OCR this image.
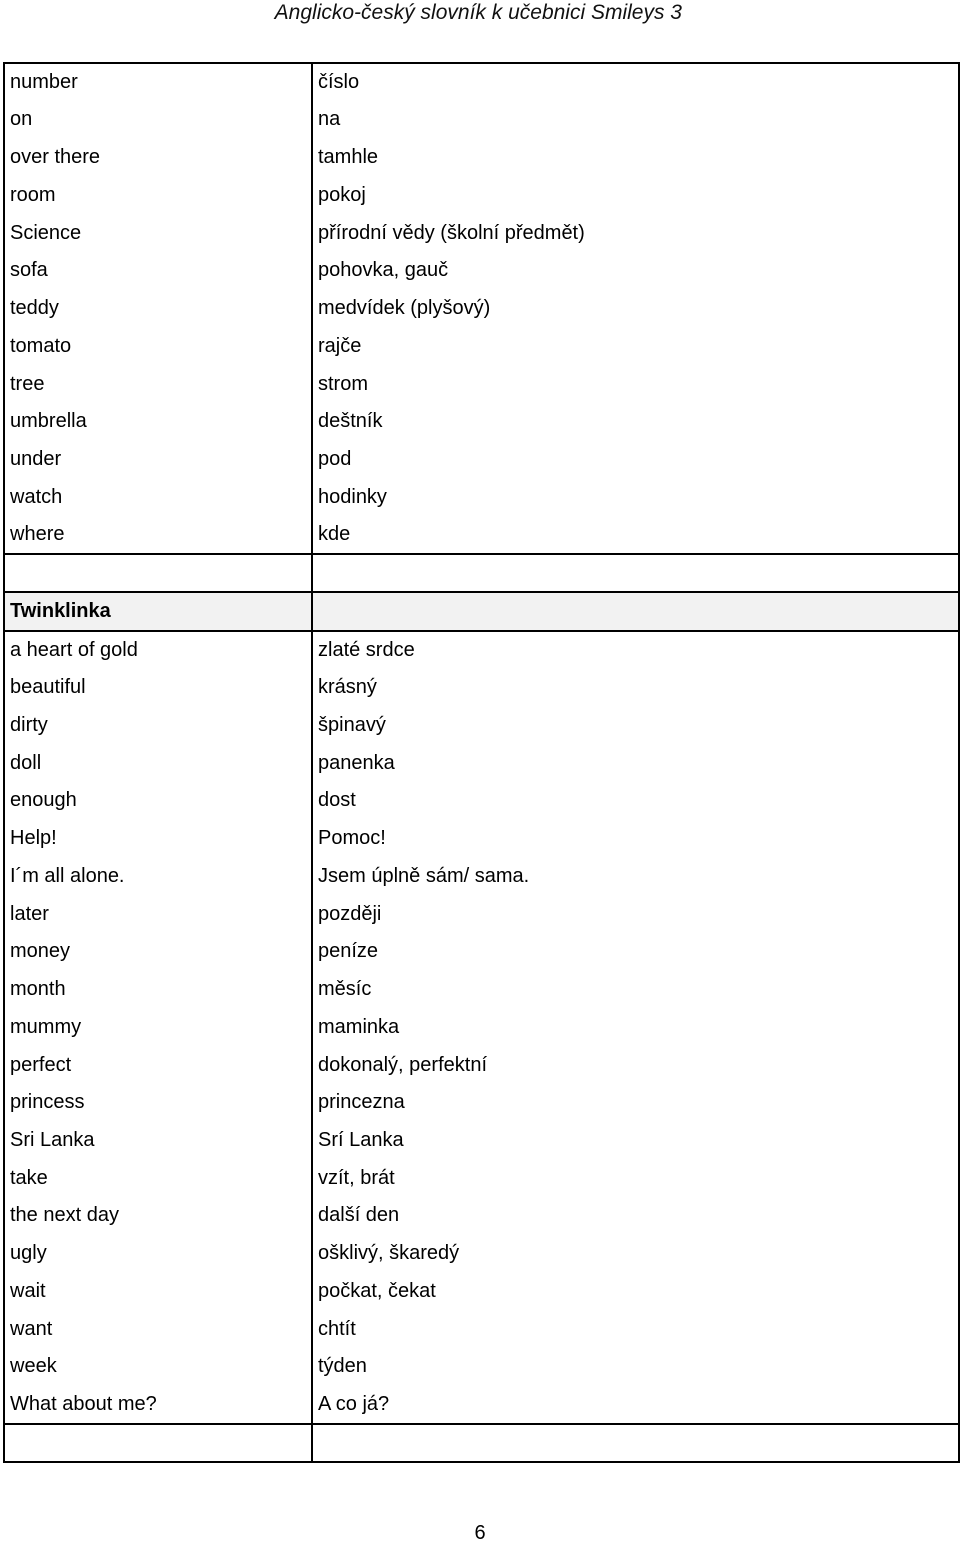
Anglicko-český slovník k učebnici Smileys 3
number	číslo
on	na
over there	tamhle
room	pokoj
Science	přírodní vědy (školní předmět)
sofa	pohovka, gauč
teddy	medvídek (plyšový)
tomato	rajče
tree	strom
umbrella	deštník
under	pod
watch	hodinky
where	kde

Twinklinka	
a heart of gold	zlaté srdce
beautiful	krásný
dirty	špinavý
doll	panenka
enough	dost
Help!	Pomoc!
I´m all alone.	Jsem úplně sám/ sama.
later	později
money	peníze
month	měsíc
mummy	maminka
perfect	dokonalý, perfektní
princess	princezna
Sri Lanka	Srí Lanka
take	vzít, brát
the next day	další den
ugly	ošklivý, škaredý
wait	počkat, čekat
want	chtít
week	týden
What about me?	A co já?

6
